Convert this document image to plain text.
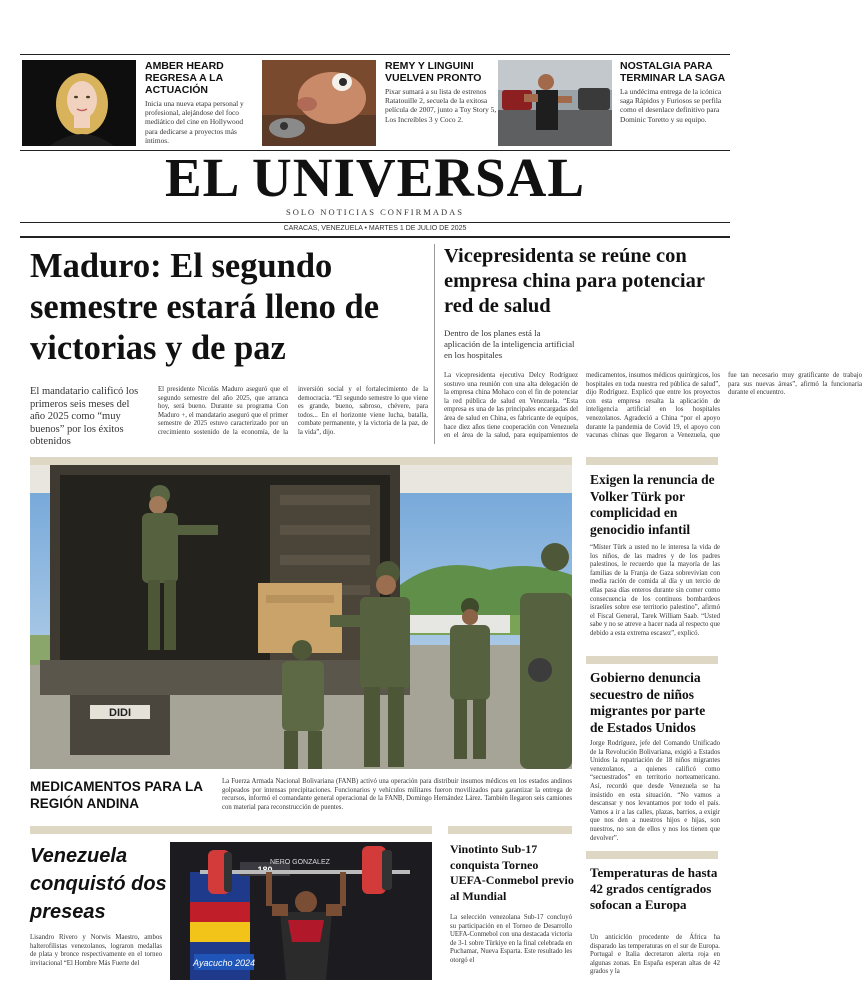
AMBER HEARD REGRESA A LA ACTUACIÓN
Inicia una nueva etapa personal y profesional, alejándose del foco mediático del cine en Hollywood para dedicarse a proyectos más íntimos.
REMY Y LINGUINI VUELVEN PRONTO
Pixar sumará a su lista de estrenos Ratatouille 2, secuela de la exitosa película de 2007, junto a Toy Story 5, Los Increíbles 3 y Coco 2.
NOSTALGIA PARA TERMINAR LA SAGA
La undécima entrega de la icónica saga Rápidos y Furiosos se perfila como el desenlace definitivo para Dominic Toretto y su equipo.
EL UNIVERSAL
SOLO NOTICIAS CONFIRMADAS
CARACAS, VENEZUELA • MARTES 1 DE JULIO DE 2025
Maduro: El segundo semestre estará lleno de victorias y de paz
El mandatario calificó los primeros seis meses del año 2025 como “muy buenos” por los éxitos obtenidos
El presidente Nicolás Maduro aseguró que el segundo semestre del año 2025, que arranca hoy, será bueno. Durante su programa Con Maduro +, el mandatario aseguró que el primer semestre de 2025 estuvo caracterizado por un crecimiento sostenido de la economía, de la inversión social y el fortalecimiento de la democracia. “El segundo semestre lo que viene es grande, bueno, sabroso, chévere, para todos... En el horizonte viene lucha, batalla, combate permanente, y la victoria de la paz, de la vida”, dijo.
Vicepresidenta se reúne con empresa china para potenciar red de salud
Dentro de los planes está la aplicación de la inteligencia artificial en los hospitales
La vicepresidenta ejecutiva Delcy Rodríguez sostuvo una reunión con una alta delegación de la empresa china Mohaco con el fin de potenciar la red pública de salud en Venezuela. “Esta empresa es una de las principales encargadas del área de salud en China, es fabricante de equipos, hace diez años tiene cooperación con Venezuela en el área de la salud, para equipamientos de medicamentos, insumos médicos quirúrgicos, los hospitales en toda nuestra red pública de salud”, dijo Rodríguez. Explicó que entre los proyectos con esta empresa resalta la aplicación de inteligencia artificial en los hospitales venezolanos. Agradeció a China “por el apoyo durante la pandemia de Covid 19, el apoyo con vacunas chinas que llegaron a Venezuela, que fue tan necesario muy gratificante de trabajo para sus nuevas áreas”, afirmó la funcionaria durante el encuentro.
DIDI
MEDICAMENTOS PARA LA REGIÓN ANDINA
La Fuerza Armada Nacional Bolivariana (FANB) activó una operación para distribuir insumos médicos en los estados andinos golpeados por intensas precipitaciones. Funcionarios y vehículos militares fueron movilizados para garantizar la entrega de recursos, informó el comandante general operacional de la FANB, Domingo Hernández Lárez. También llegaron seis camiones con material para reconstrucción de puentes.
Exigen la renuncia de Volker Türk por complicidad en genocidio infantil
“Míster Türk a usted no le interesa la vida de los niños, de las madres y de los padres palestinos, le recuerdo que la mayoría de las familias de la Franja de Gaza sobrevivían con media ración de comida al día y un tercio de ellas pasa días enteros durante sin comer como consecuencia de los continuos bombardeos israelíes sobre ese territorio palestino”, afirmó el Fiscal General, Tarek William Saab. “Usted sabe y no se atreve a hacer nada al respecto que debido a esta extrema escasez”, explicó.
Gobierno denuncia secuestro de niños migrantes por parte de Estados Unidos
Jorge Rodríguez, jefe del Comando Unificado de la Revolución Bolivariana, exigió a Estados Unidos la repatriación de 18 niños migrantes venezolanos, a quienes calificó como “secuestrados” en territorio norteamericano. Así, recordó que desde Venezuela se ha insistido en esta situación. “No vamos a descansar y nos levantamos por todo el país. Vamos a ir a las calles, plazas, barrios, a exigir que nos den a nuestros hijos e hijas, son nuestros, no son de ellos y nos los tienen que devolver”.
Temperaturas de hasta 42 grados centígrados sofocan a Europa
Un anticiclón procedente de África ha disparado las temperaturas en el sur de Europa. Portugal e Italia decretaron alerta roja en algunas zonas. En España esperan altas de 42 grados y la
Venezuela conquistó dos preseas
Lisandro Rivero y Norwis Maestro, ambos halterofilistas venezolanos, lograron medallas de plata y bronce respectivamente en el torneo invitacional “El Hombre Más Fuerte del	Ayacucho 2024
NERO GONZALEZ
Vinotinto Sub-17 conquista Torneo UEFA-Conmebol previo al Mundial
La selección venezolana Sub-17 concluyó su participación en el Torneo de Desarrollo UEFA-Conmebol con una destacada victoria de 3-1 sobre Türkiye en la final celebrada en Puchamar, Nueva Esparta. Este resultado les otorgó el
